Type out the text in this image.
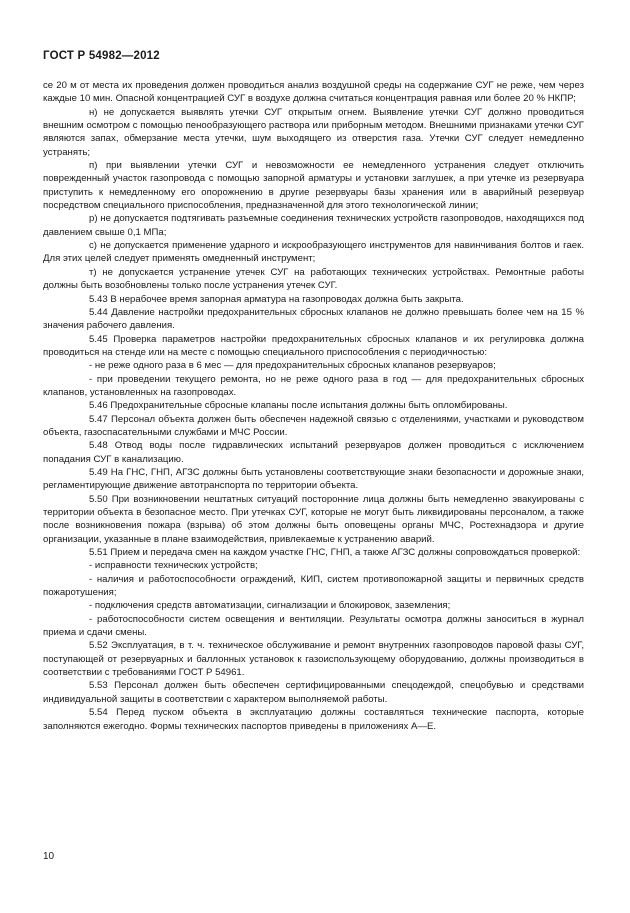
ГОСТ Р 54982—2012

се 20 м от места их проведения должен проводиться анализ воздушной среды на содержание СУГ не реже, чем через каждые 10 мин. Опасной концентрацией СУГ в воздухе должна считаться концентрация равная или более 20 % НКПР;

н) не допускается выявлять утечки СУГ открытым огнем. Выявление утечки СУГ должно проводиться внешним осмотром с помощью пенообразующего раствора или приборным методом. Внешними признаками утечки СУГ являются запах, обмерзание места утечки, шум выходящего из отверстия газа. Утечки СУГ следует немедленно устранять;

п) при выявлении утечки СУГ и невозможности ее немедленного устранения следует отключить поврежденный участок газопровода с помощью запорной арматуры и установки заглушек, а при утечке из резервуара приступить к немедленному его опорожнению в другие резервуары базы хранения или в аварийный резервуар посредством специального приспособления, предназначенной для этого технологической линии;

р) не допускается подтягивать разъемные соединения технических устройств газопроводов, находящихся под давлением свыше 0,1 МПа;

с) не допускается применение ударного и искрообразующего инструментов для навинчивания болтов и гаек. Для этих целей следует применять омедненный инструмент;

т) не допускается устранение утечек СУГ на работающих технических устройствах. Ремонтные работы должны быть возобновлены только после устранения утечек СУГ.

5.43 В нерабочее время запорная арматура на газопроводах должна быть закрыта.

5.44 Давление настройки предохранительных сбросных клапанов не должно превышать более чем на 15 % значения рабочего давления.

5.45 Проверка параметров настройки предохранительных сбросных клапанов и их регулировка должна проводиться на стенде или на месте с помощью специального приспособления с периодичностью:

- не реже одного раза в 6 мес — для предохранительных сбросных клапанов резервуаров;

- при проведении текущего ремонта, но не реже одного раза в год — для предохранительных сбросных клапанов, установленных на газопроводах.

5.46 Предохранительные сбросные клапаны после испытания должны быть опломбированы.

5.47 Персонал объекта должен быть обеспечен надежной связью с отделениями, участками и руководством объекта, газоспасательными службами и МЧС России.

5.48 Отвод воды после гидравлических испытаний резервуаров должен проводиться с исключением попадания СУГ в канализацию.

5.49 На ГНС, ГНП, АГЗС должны быть установлены соответствующие знаки безопасности и дорожные знаки, регламентирующие движение автотранспорта по территории объекта.

5.50 При возникновении нештатных ситуаций посторонние лица должны быть немедленно эвакуированы с территории объекта в безопасное место. При утечках СУГ, которые не могут быть ликвидированы персоналом, а также после возникновения пожара (взрыва) об этом должны быть оповещены органы МЧС, Ростехнадзора и другие организации, указанные в плане взаимодействия, привлекаемые к устранению аварий.

5.51 Прием и передача смен на каждом участке ГНС, ГНП, а также АГЗС должны сопровождаться проверкой:

- исправности технических устройств;

- наличия и работоспособности ограждений, КИП, систем противопожарной защиты и первичных средств пожаротушения;

- подключения средств автоматизации, сигнализации и блокировок, заземления;

- работоспособности систем освещения и вентиляции. Результаты осмотра должны заноситься в журнал приема и сдачи смены.

5.52 Эксплуатация, в т. ч. техническое обслуживание и ремонт внутренних газопроводов паровой фазы СУГ, поступающей от резервуарных и баллонных установок к газоиспользующему оборудованию, должны производиться в соответствии с требованиями ГОСТ Р 54961.

5.53 Персонал должен быть обеспечен сертифицированными спецодеждой, спецобувью и средствами индивидуальной защиты в соответствии с характером выполняемой работы.

5.54 Перед пуском объекта в эксплуатацию должны составляться технические паспорта, которые заполняются ежегодно. Формы технических паспортов приведены в приложениях А—Е.

10
